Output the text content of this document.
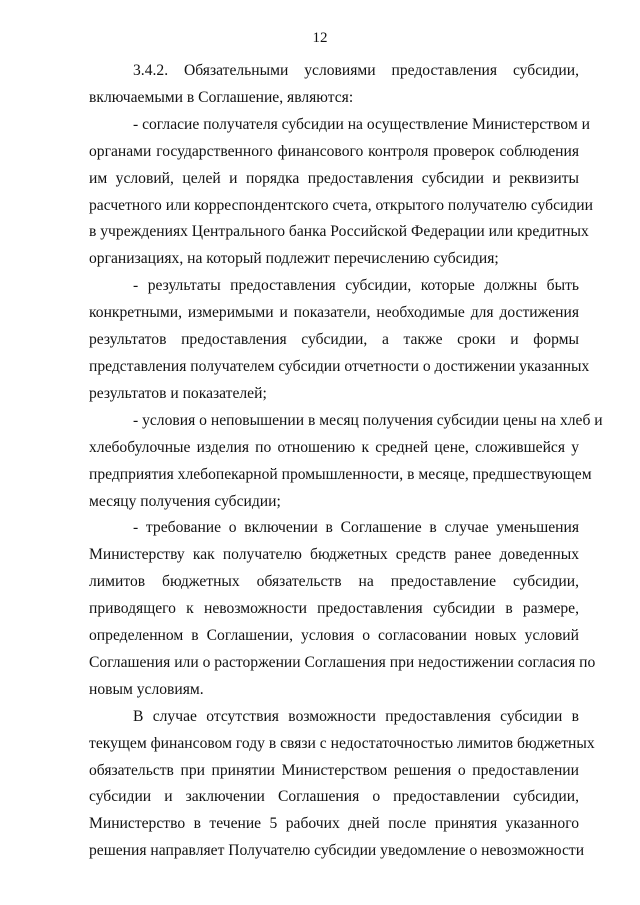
12
3.4.2. Обязательными условиями предоставления субсидии,
включаемыми в Соглашение, являются:
- согласие получателя субсидии на осуществление Министерством и
органами государственного финансового контроля проверок соблюдения
им условий, целей и порядка предоставления субсидии и реквизиты
расчетного или корреспондентского счета, открытого получателю субсидии
в учреждениях Центрального банка Российской Федерации или кредитных
организациях, на который подлежит перечислению субсидия;
- результаты предоставления субсидии, которые должны быть
конкретными, измеримыми и показатели, необходимые для достижения
результатов предоставления субсидии, а также сроки и формы
представления получателем субсидии отчетности о достижении указанных
результатов и показателей;
- условия о неповышении в месяц получения субсидии цены на хлеб и
хлебобулочные изделия по отношению к средней цене, сложившейся у
предприятия хлебопекарной промышленности, в месяце, предшествующем
месяцу получения субсидии;
- требование о включении в Соглашение в случае уменьшения
Министерству как получателю бюджетных средств ранее доведенных
лимитов бюджетных обязательств на предоставление субсидии,
приводящего к невозможности предоставления субсидии в размере,
определенном в Соглашении, условия о согласовании новых условий
Соглашения или о расторжении Соглашения при недостижении согласия по
новым условиям.
В случае отсутствия возможности предоставления субсидии в
текущем финансовом году в связи с недостаточностью лимитов бюджетных
обязательств при принятии Министерством решения о предоставлении
субсидии и заключении Соглашения о предоставлении субсидии,
Министерство в течение 5 рабочих дней после принятия указанного
решения направляет Получателю субсидии уведомление о невозможности
